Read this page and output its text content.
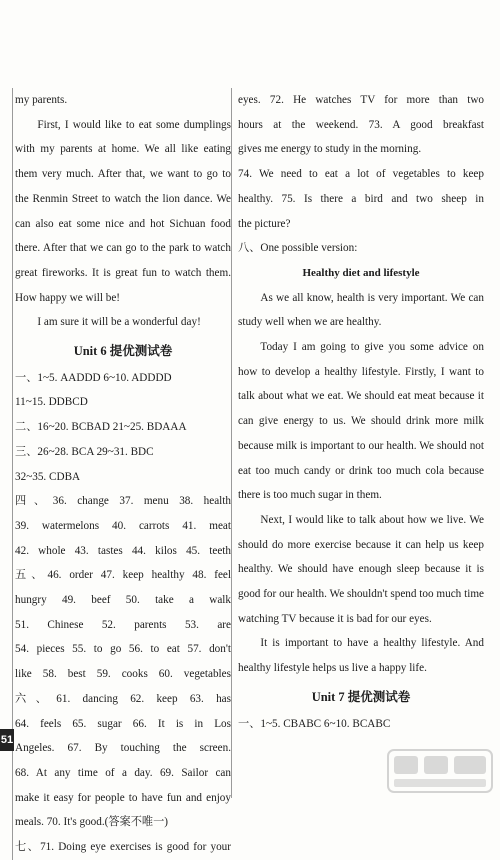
my parents.

First, I would like to eat some dumplings with my parents at home. We all like eating them very much. After that, we want to go to the Renmin Street to watch the lion dance. We can also eat some nice and hot Sichuan food there. After that we can go to the park to watch great fireworks. It is great fun to watch them. How happy we will be!

I am sure it will be a wonderful day!

Unit 6 提优测试卷
一、1~5. AADDD 6~10. ADDDD
11~15. DDBCD
二、16~20. BCBAD 21~25. BDAAA
三、26~28. BCA 29~31. BDC
32~35. CDBA
四、36. change 37. menu 38. health
39. watermelons 40. carrots 41. meat
42. whole 43. tastes 44. kilos 45. teeth
五、46. order 47. keep healthy 48. feel
hungry 49. beef 50. take a walk
51. Chinese 52. parents 53. are
54. pieces 55. to go 56. to eat 57. don't
like 58. best 59. cooks 60. vegetables
六、61. dancing 62. keep 63. has
64. feels 65. sugar 66. It is in Los
Angeles. 67. By touching the screen.
68. At any time of a day. 69. Sailor can
make it easy for people to have fun and enjoy
meals. 70. It's good.(答案不唯一)
七、71. Doing eye exercises is good for your
eyes. 72. He watches TV for more than two
hours at the weekend. 73. A good breakfast
gives me energy to study in the morning.
74. We need to eat a lot of vegetables to keep
healthy. 75. Is there a bird and two sheep in
the picture?
八、One possible version:
Healthy diet and lifestyle

As we all know, health is very important. We can study well when we are healthy.

Today I am going to give you some advice on how to develop a healthy lifestyle. Firstly, I want to talk about what we eat. We should eat meat because it can give energy to us. We should drink more milk because milk is important to our health. We should not eat too much candy or drink too much cola because there is too much sugar in them.

Next, I would like to talk about how we live. We should do more exercise because it can help us keep healthy. We should have enough sleep because it is good for our health. We shouldn't spend too much time watching TV because it is bad for our eyes.

It is important to have a healthy lifestyle. And healthy lifestyle helps us live a happy life.

Unit 7 提优测试卷
一、1~5. CBABC 6~10. BCABC
51
